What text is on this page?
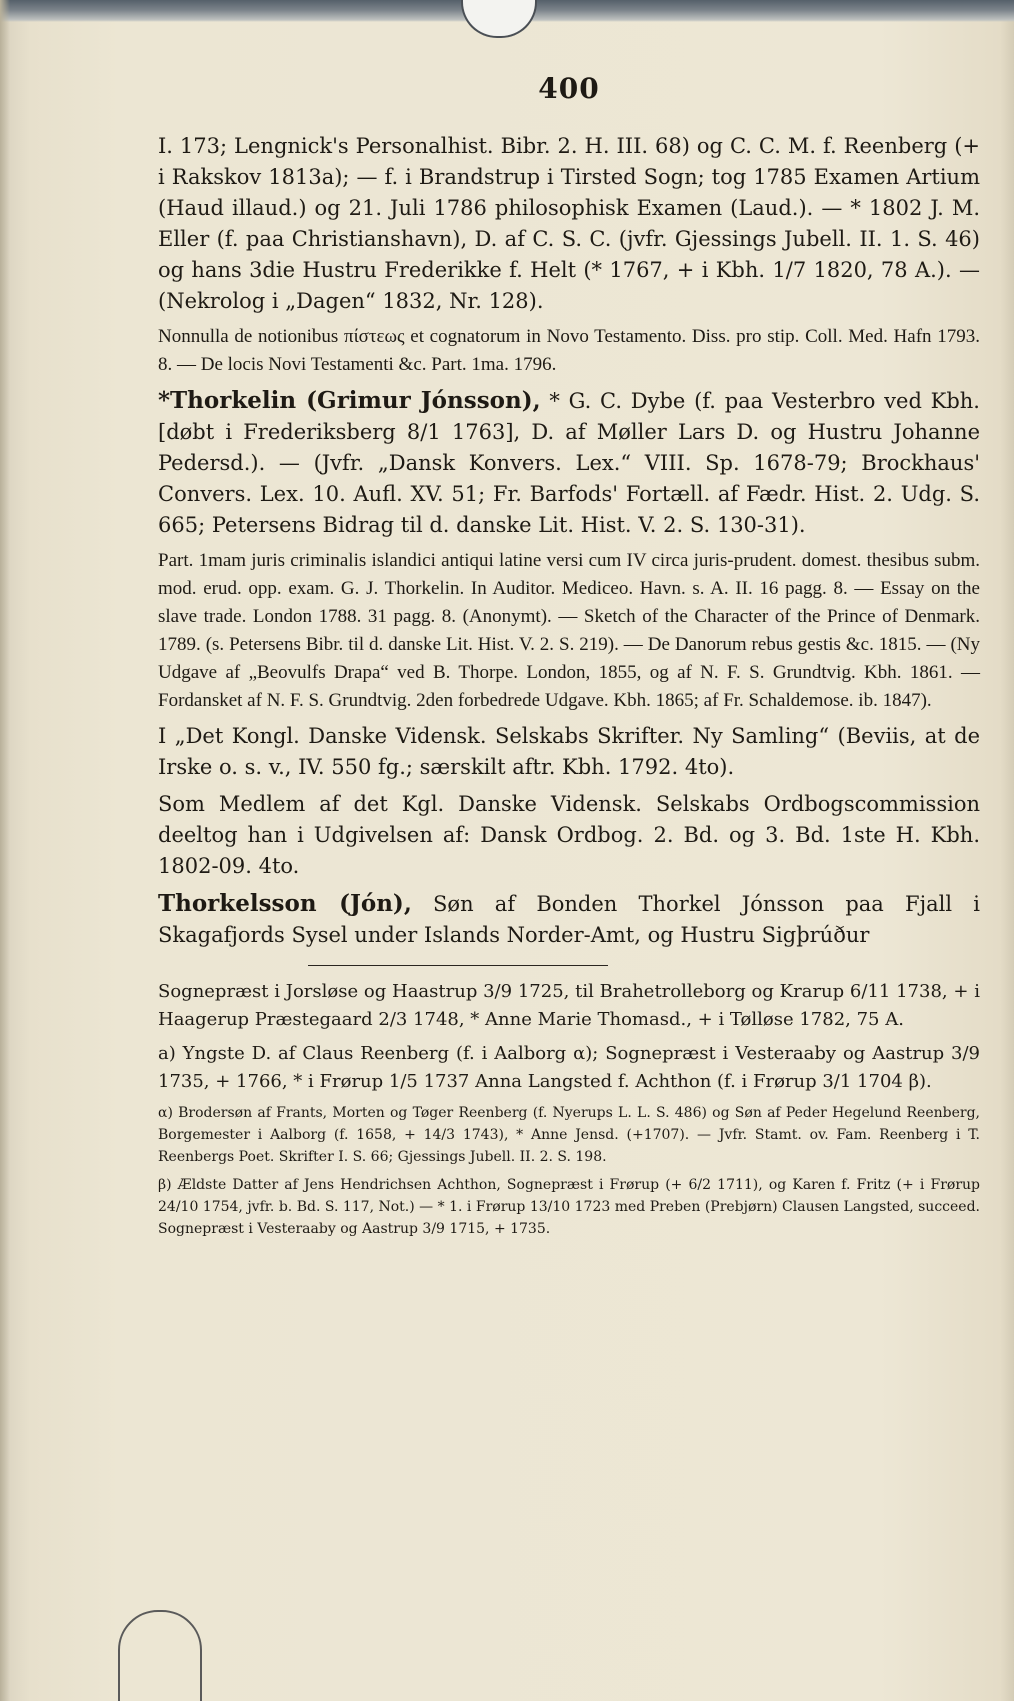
400

I. 173; Lengnick's Personalhist. Bibr. 2. H. III. 68) og C. C. M. f. Reenberg (+ i Rakskov 1813a); — f. i Brandstrup i Tirsted Sogn; tog 1785 Examen Artium (Haud illaud.) og 21. Juli 1786 philosophisk Examen (Laud.). — * 1802 J. M. Eller (f. paa Christianshavn), D. af C. S. C. (jvfr. Gjessings Jubell. II. 1. S. 46) og hans 3die Hustru Frederikke f. Helt (* 1767, + i Kbh. 1/7 1820, 78 A.). — (Nekrolog i „Dagen“ 1832, Nr. 128).

Nonnulla de notionibus πίστεως et cognatorum in Novo Testamento. Diss. pro stip. Coll. Med. Hafn 1793. 8. — De locis Novi Testamenti &c. Part. 1ma. 1796.

*Thorkelin (Grimur Jónsson), * G. C. Dybe (f. paa Vesterbro ved Kbh. [døbt i Frederiksberg 8/1 1763], D. af Møller Lars D. og Hustru Johanne Pedersd.). — (Jvfr. „Dansk Konvers. Lex.“ VIII. Sp. 1678-79; Brockhaus' Convers. Lex. 10. Aufl. XV. 51; Fr. Barfods' Fortæll. af Fædr. Hist. 2. Udg. S. 665; Petersens Bidrag til d. danske Lit. Hist. V. 2. S. 130-31).

Part. 1mam juris criminalis islandici antiqui latine versi cum IV circa juris-prudent. domest. thesibus subm. mod. erud. opp. exam. G. J. Thorkelin. In Auditor. Mediceo. Havn. s. A. II. 16 pagg. 8. — Essay on the slave trade. London 1788. 31 pagg. 8. (Anonymt). — Sketch of the Character of the Prince of Denmark. 1789. (s. Petersens Bibr. til d. danske Lit. Hist. V. 2. S. 219). — De Danorum rebus gestis &c. 1815. — (Ny Udgave af „Beovulfs Drapa“ ved B. Thorpe. London, 1855, og af N. F. S. Grundtvig. Kbh. 1861. — Fordansket af N. F. S. Grundtvig. 2den forbedrede Udgave. Kbh. 1865; af Fr. Schaldemose. ib. 1847).

I „Det Kongl. Danske Vidensk. Selskabs Skrifter. Ny Samling“ (Beviis, at de Irske o. s. v., IV. 550 fg.; særskilt aftr. Kbh. 1792. 4to).

Som Medlem af det Kgl. Danske Vidensk. Selskabs Ordbogscommission deeltog han i Udgivelsen af: Dansk Ordbog. 2. Bd. og 3. Bd. 1ste H. Kbh. 1802-09. 4to.

Thorkelsson (Jón), Søn af Bonden Thorkel Jónsson paa Fjall i Skagafjords Sysel under Islands Norder-Amt, og Hustru Sigþrúður

Sognepræst i Jorsløse og Haastrup 3/9 1725, til Brahetrolleborg og Krarup 6/11 1738, + i Haagerup Præstegaard 2/3 1748, * Anne Marie Thomasd., + i Tølløse 1782, 75 A.

a) Yngste D. af Claus Reenberg (f. i Aalborg α); Sognepræst i Vesteraaby og Aastrup 3/9 1735, + 1766, * i Frørup 1/5 1737 Anna Langsted f. Achthon (f. i Frørup 3/1 1704 β).

α) Brodersøn af Frants, Morten og Tøger Reenberg (f. Nyerups L. L. S. 486) og Søn af Peder Hegelund Reenberg, Borgemester i Aalborg (f. 1658, + 14/3 1743), * Anne Jensd. (+1707). — Jvfr. Stamt. ov. Fam. Reenberg i T. Reenbergs Poet. Skrifter I. S. 66; Gjessings Jubell. II. 2. S. 198.

β) Ældste Datter af Jens Hendrichsen Achthon, Sognepræst i Frørup (+ 6/2 1711), og Karen f. Fritz (+ i Frørup 24/10 1754, jvfr. b. Bd. S. 117, Not.) — * 1. i Frørup 13/10 1723 med Preben (Prebjørn) Clausen Langsted, succeed. Sognepræst i Vesteraaby og Aastrup 3/9 1715, + 1735.
